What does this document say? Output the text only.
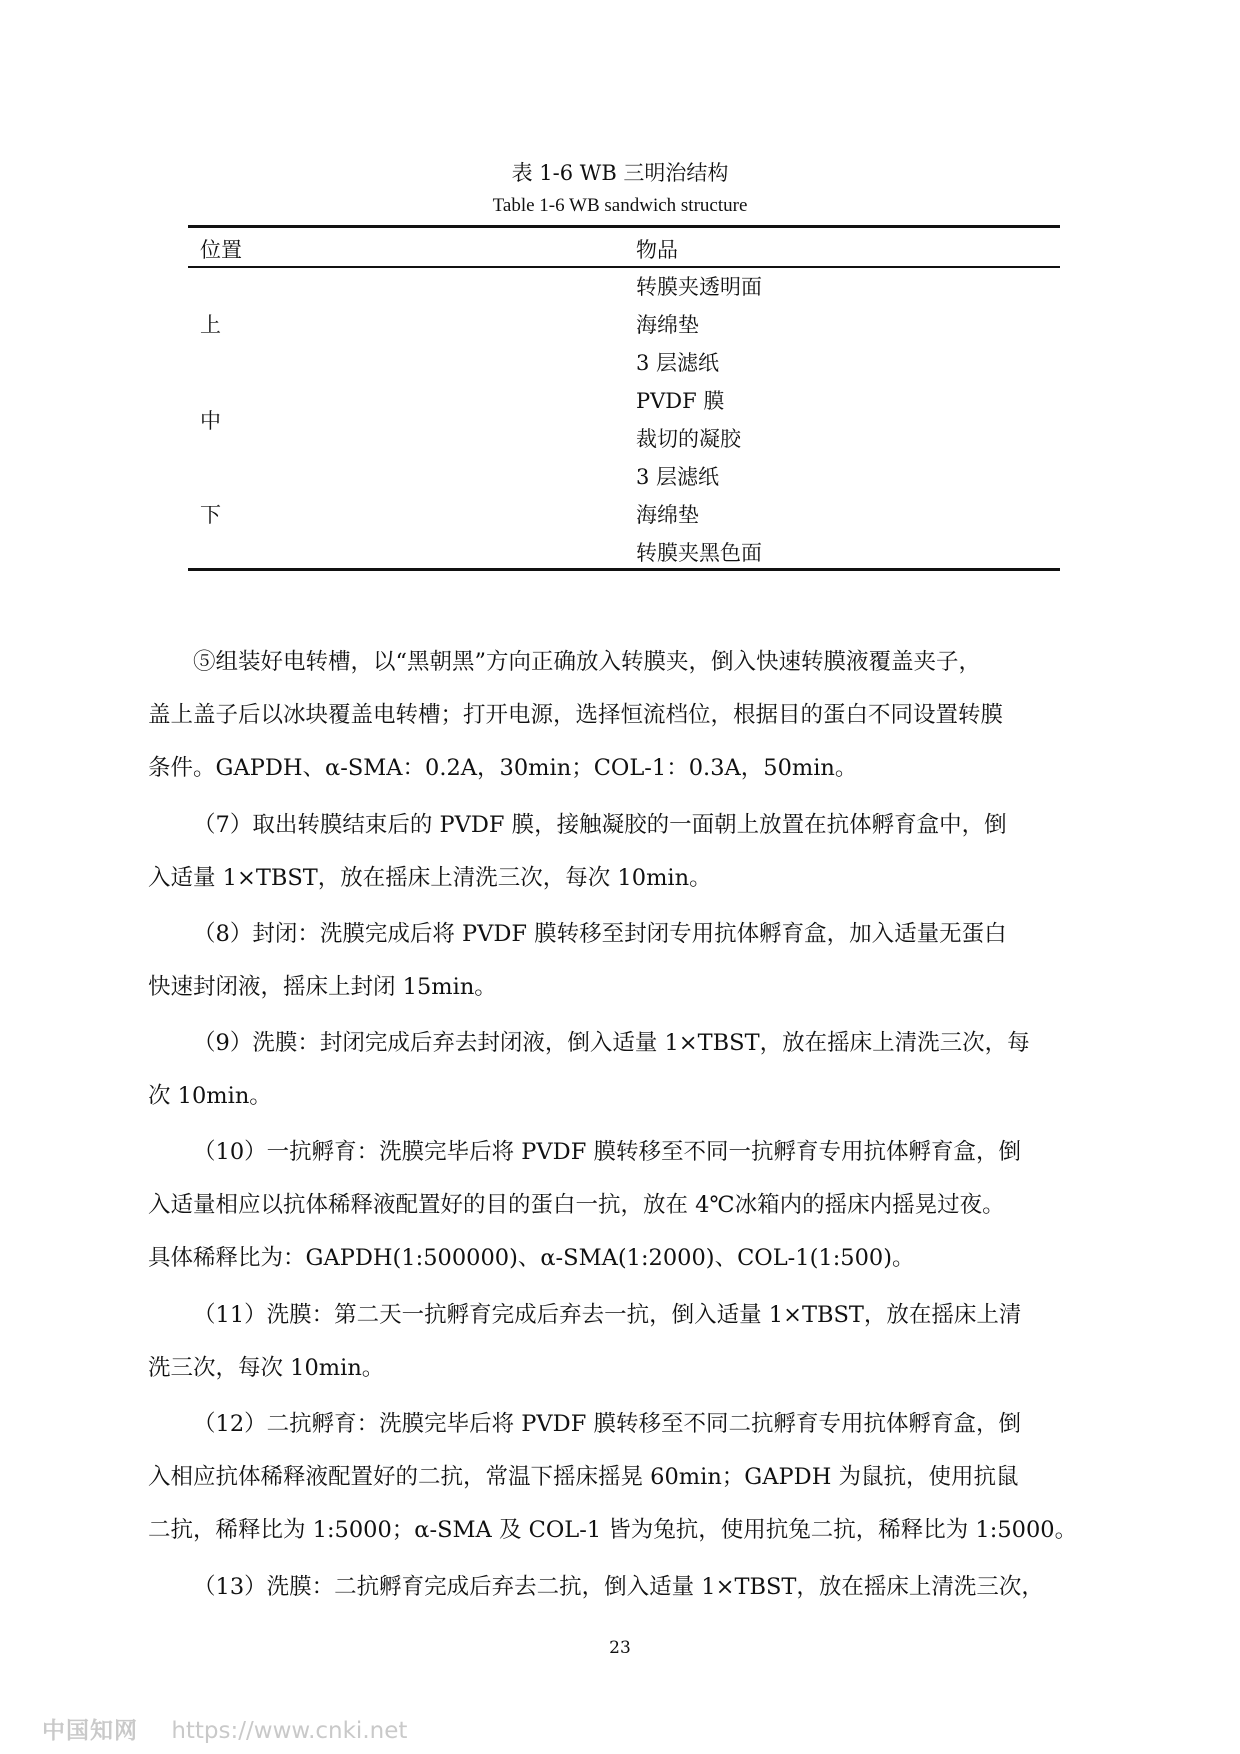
表 1-6 WB 三明治结构
Table 1-6 WB sandwich structure
位置	物品
上
转膜夹透明面
海绵垫
3 层滤纸
中
PVDF 膜
裁切的凝胶
下
3 层滤纸
海绵垫
转膜夹黑色面

⑤组装好电转槽，以“黑朝黑”方向正确放入转膜夹，倒入快速转膜液覆盖夹子，
盖上盖子后以冰块覆盖电转槽；打开电源，选择恒流档位，根据目的蛋白不同设置转膜
条件。GAPDH、α-SMA：0.2A，30min；COL-1：0.3A，50min。

（7）取出转膜结束后的 PVDF 膜，接触凝胶的一面朝上放置在抗体孵育盒中，倒
入适量 1×TBST，放在摇床上清洗三次，每次 10min。

（8）封闭：洗膜完成后将 PVDF 膜转移至封闭专用抗体孵育盒，加入适量无蛋白
快速封闭液，摇床上封闭 15min。

（9）洗膜：封闭完成后弃去封闭液，倒入适量 1×TBST，放在摇床上清洗三次，每
次 10min。

（10）一抗孵育：洗膜完毕后将 PVDF 膜转移至不同一抗孵育专用抗体孵育盒，倒
入适量相应以抗体稀释液配置好的目的蛋白一抗，放在 4℃冰箱内的摇床内摇晃过夜。
具体稀释比为：GAPDH(1:500000)、α-SMA(1:2000)、COL-1(1:500)。

（11）洗膜：第二天一抗孵育完成后弃去一抗，倒入适量 1×TBST，放在摇床上清
洗三次，每次 10min。

（12）二抗孵育：洗膜完毕后将 PVDF 膜转移至不同二抗孵育专用抗体孵育盒，倒
入相应抗体稀释液配置好的二抗，常温下摇床摇晃 60min；GAPDH 为鼠抗，使用抗鼠
二抗，稀释比为 1:5000；α-SMA 及 COL-1 皆为兔抗，使用抗兔二抗，稀释比为 1:5000。

（13）洗膜：二抗孵育完成后弃去二抗，倒入适量 1×TBST，放在摇床上清洗三次，

23
中国知网 https://www.cnki.net
